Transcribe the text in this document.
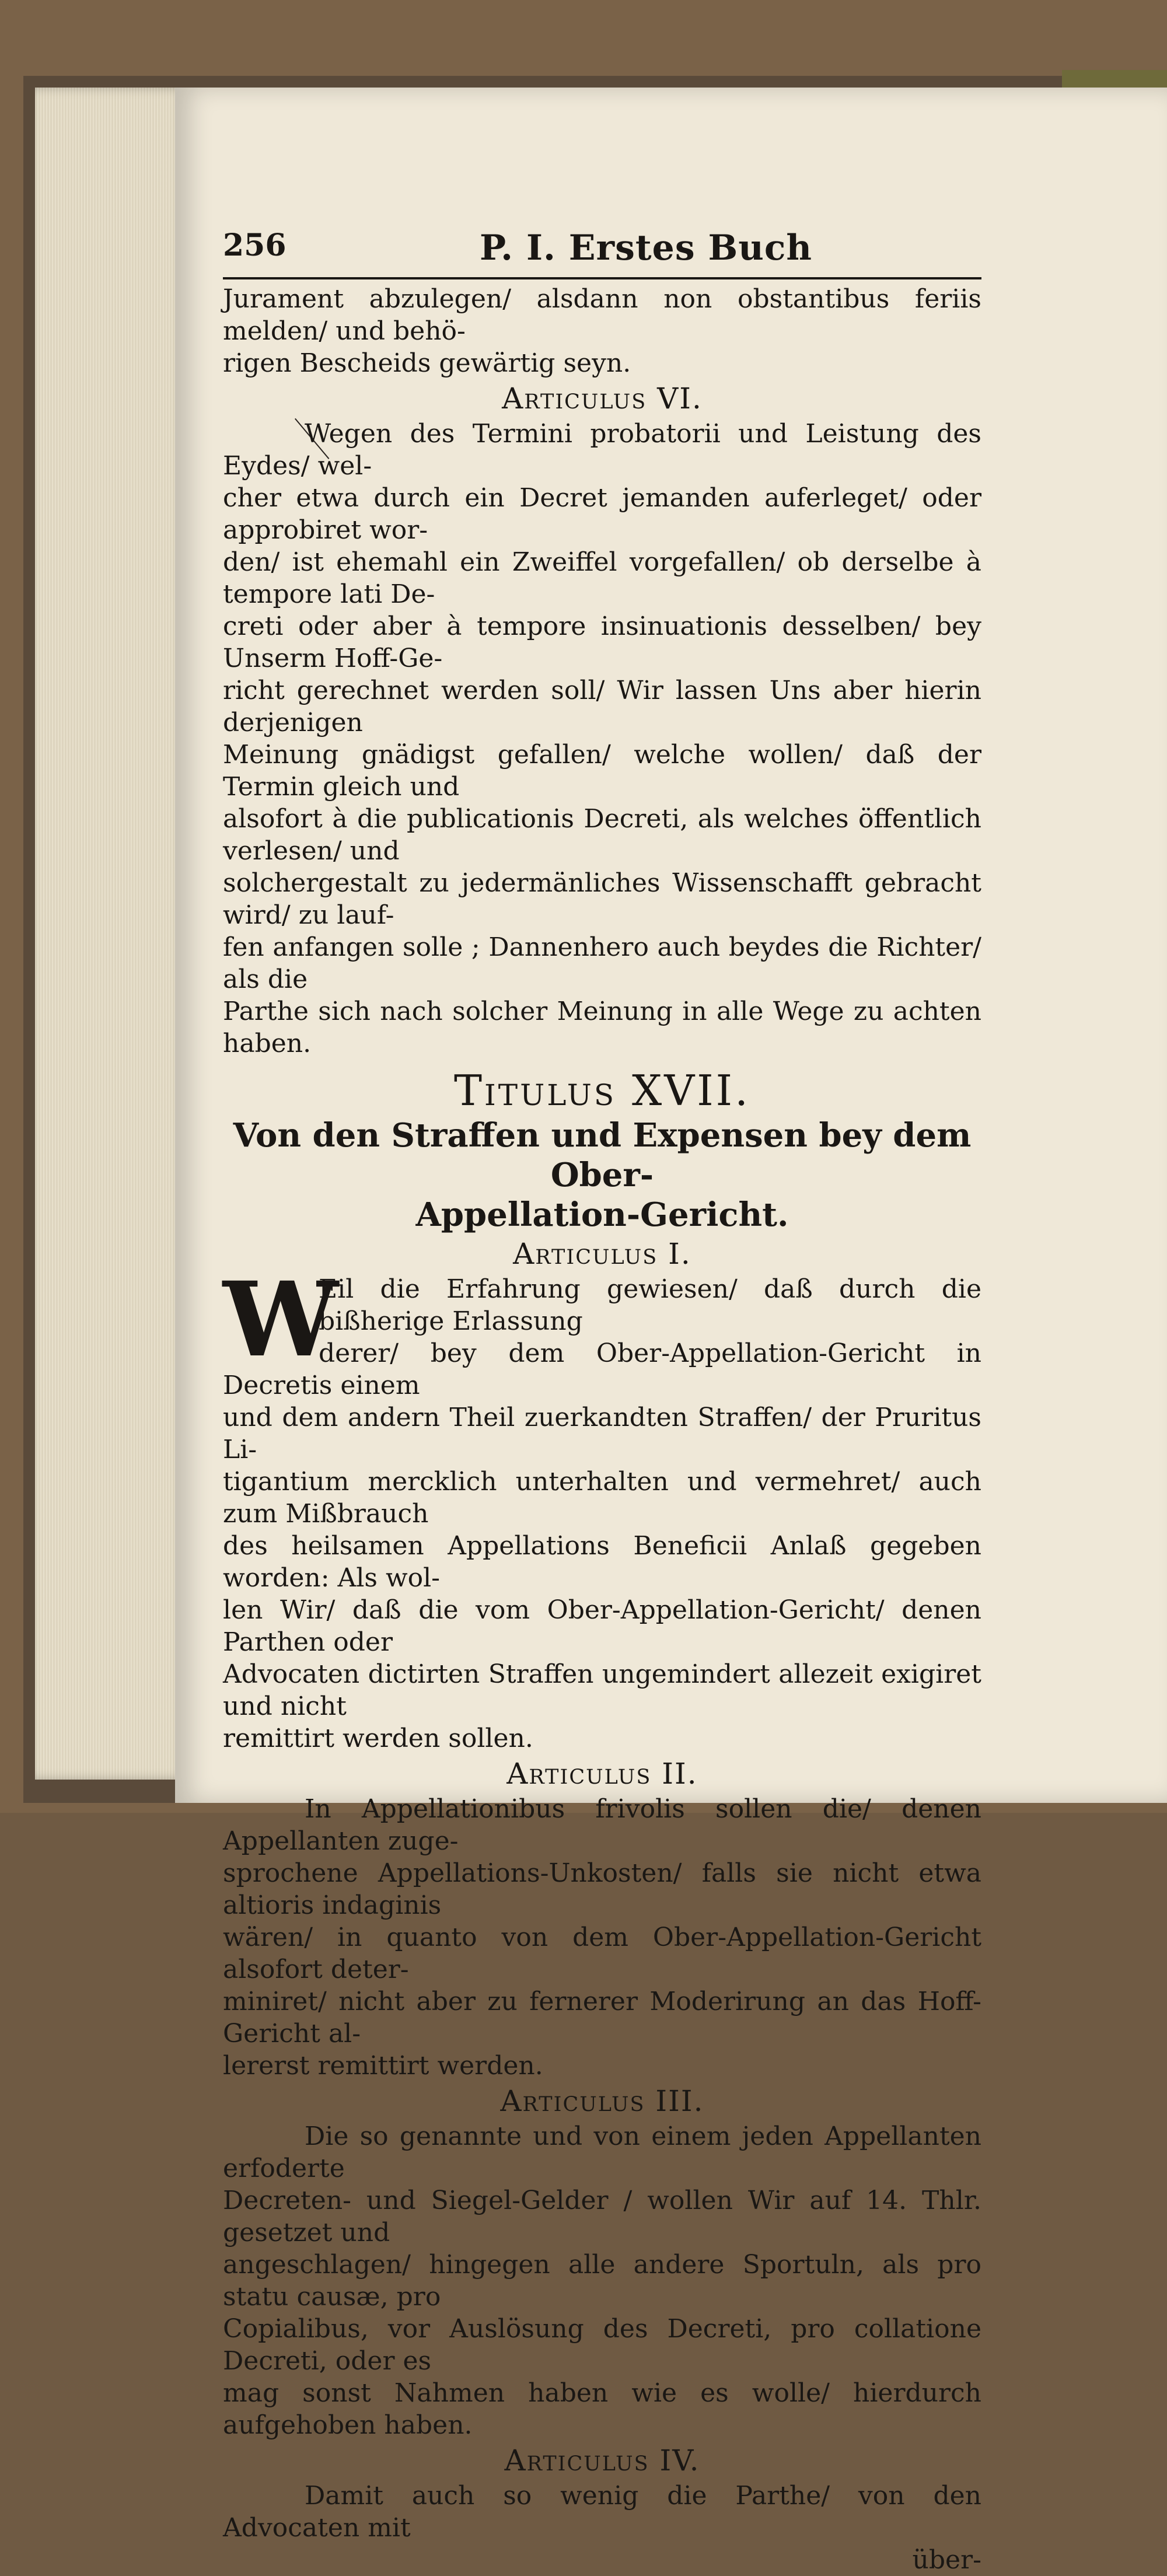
256	P. I. Erstes Buch

Jurament abzulegen/ alsdann non obstantibus feriis melden/ und behö-

rigen Bescheids gewärtig seyn.

Articulus VI.

Wegen des Termini probatorii und Leistung des Eydes/ wel-

cher etwa durch ein Decret jemanden auferleget/ oder approbiret wor-

den/ ist ehemahl ein Zweiffel vorgefallen/ ob derselbe à tempore lati De-

creti oder aber à tempore insinuationis desselben/ bey Unserm Hoff-Ge-

richt gerechnet werden soll/ Wir lassen Uns aber hierin derjenigen

Meinung gnädigst gefallen/ welche wollen/ daß der Termin gleich und

alsofort à die publicationis Decreti, als welches öffentlich verlesen/ und

solchergestalt zu jedermänliches Wissenschafft gebracht wird/ zu lauf-

fen anfangen solle ; Dannenhero auch beydes die Richter/ als die

Parthe sich nach solcher Meinung in alle Wege zu achten haben.

Titulus XVII.
Von den Straffen und Expensen bey dem Ober-
Appellation-Gericht.
Articulus I.
W

Eil die Erfahrung gewiesen/ daß durch die bißherige Erlassung

derer/ bey dem Ober-Appellation-Gericht in Decretis einem

und dem andern Theil zuerkandten Straffen/ der Pruritus Li-

tigantium mercklich unterhalten und vermehret/ auch zum Mißbrauch

des heilsamen Appellations Beneficii Anlaß gegeben worden: Als wol-

len Wir/ daß die vom Ober-Appellation-Gericht/ denen Parthen oder

Advocaten dictirten Straffen ungemindert allezeit exigiret und nicht

remittirt werden sollen.

Articulus II.

In Appellationibus frivolis sollen die/ denen Appellanten zuge-

sprochene Appellations-Unkosten/ falls sie nicht etwa altioris indaginis

wären/ in quanto von dem Ober-Appellation-Gericht alsofort deter-

miniret/ nicht aber zu fernerer Moderirung an das Hoff-Gericht al-

lererst remittirt werden.

Articulus III.

Die so genannte und von einem jeden Appellanten erfoderte

Decreten- und Siegel-Gelder / wollen Wir auf 14. Thlr. gesetzet und

angeschlagen/ hingegen alle andere Sportuln, als pro statu causæ, pro

Copialibus, vor Auslösung des Decreti, pro collatione Decreti, oder es

mag sonst Nahmen haben wie es wolle/ hierdurch aufgehoben haben.

Articulus IV.

Damit auch so wenig die Parthe/ von den Advocaten mit

über-
